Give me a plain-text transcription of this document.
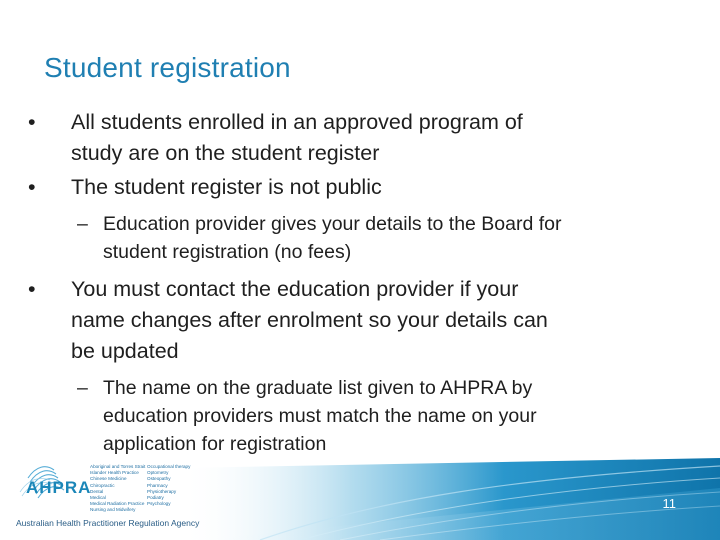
Student registration
• All students enrolled in an approved program of
study are on the student register
• The student register is not public
– Education provider gives your details to the Board for
student registration (no fees)
• You must contact the education provider if your
name changes after enrolment so your details can
be updated
– The name on the graduate list given to AHPRA by
education providers must match the name on your
application for registration
11
AHPRA
Aboriginal and Torres Strait
Islander Health Practice
Chinese Medicine
Chiropractic
Dental
Medical
Medical Radiation Practice
Nursing and Midwifery
Occupational therapy
Optometry
Osteopathy
Pharmacy
Physiotherapy
Podiatry
Psychology
Australian Health Practitioner Regulation Agency
